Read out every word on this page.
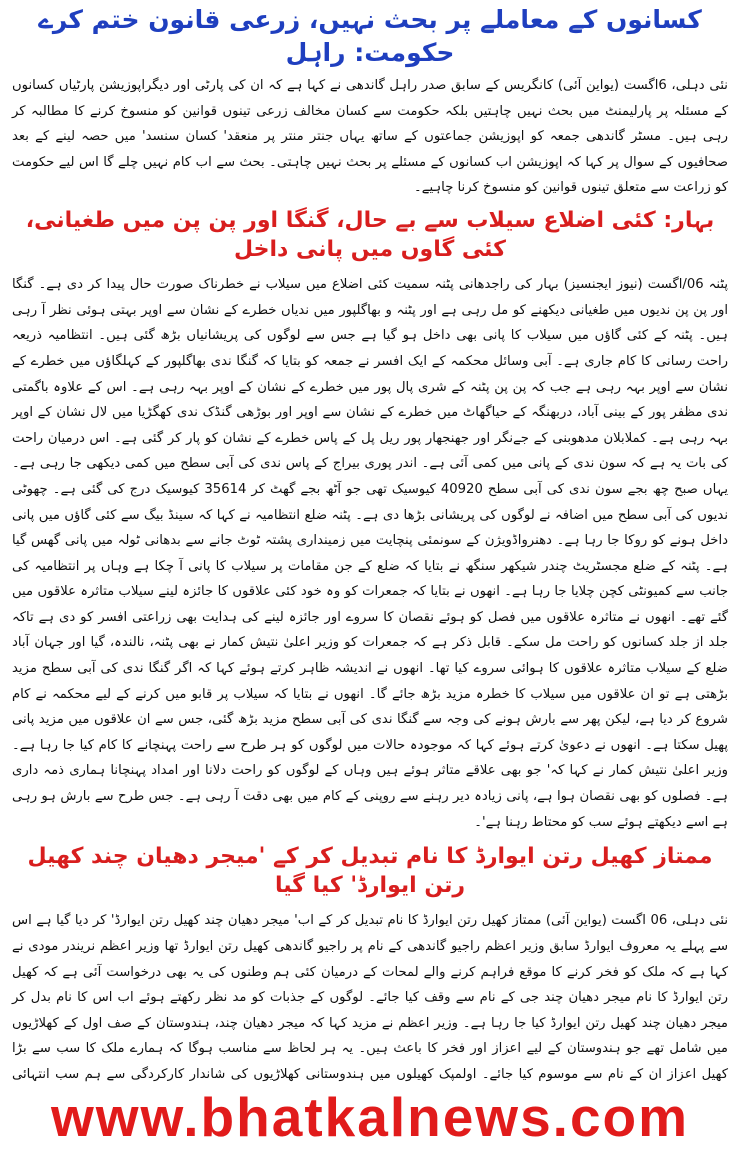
کسانوں کے معاملے پر بحث نہیں، زرعی قانون ختم کرے حکومت: راہل

نئی دہلی، 6اگست (یواین آئی) کانگریس کے سابق صدر راہل گاندھی نے کہا ہے کہ ان کی پارٹی اور دیگراپوزیشن پارٹیاں کسانوں کے مسئلہ پر پارلیمنٹ میں بحث نہیں چاہتیں بلکہ حکومت سے کسان مخالف زرعی تینوں قوانین کو منسوخ کرنے کا مطالبہ کر رہی ہیں۔ مسٹر گاندھی جمعہ کو اپوزیشن جماعتوں کے ساتھ یہاں جنتر منتر پر منعقد' کسان سنسد' میں حصہ لینے کے بعد صحافیوں کے سوال پر کہا کہ اپوزیشن اب کسانوں کے مسئلے پر بحث نہیں چاہتی۔ بحث سے اب کام نہیں چلے گا اس لیے حکومت کو زراعت سے متعلق تینوں قوانین کو منسوخ کرنا چاہیے۔

بہار: کئی اضلاع سیلاب سے بے حال، گنگا اور پن پن میں طغیانی، کئی گاوں میں پانی داخل

پٹنہ 06/اگست (نیوز ایجنسیز) بہار کی راجدھانی پٹنہ سمیت کئی اضلاع میں سیلاب نے خطرناک صورت حال پیدا کر دی ہے۔ گنگا اور پن پن ندیوں میں طغیانی دیکھنے کو مل رہی ہے اور پٹنہ و بھاگلپور میں ندیاں خطرے کے نشان سے اوپر بہتی ہوئی نظر آ رہی ہیں۔ پٹنہ کے کئی گاؤں میں سیلاب کا پانی بھی داخل ہو گیا ہے جس سے لوگوں کی پریشانیاں بڑھ گئی ہیں۔ انتظامیہ ذریعہ راحت رسانی کا کام جاری ہے۔ آبی وسائل محکمہ کے ایک افسر نے جمعہ کو بتایا کہ گنگا ندی بھاگلپور کے کہلگاؤں میں خطرے کے نشان سے اوپر بہہ رہی ہے جب کہ پن پن پٹنہ کے شری پال پور میں خطرے کے نشان کے اوپر بہہ رہی ہے۔ اس کے علاوہ باگمتی ندی مظفر پور کے بینی آباد، دربھنگہ کے حیاگھاٹ میں خطرے کے نشان سے اوپر اور بوڑھی گنڈک ندی کھگڑیا میں لال نشان کے اوپر بہہ رہی ہے۔ کملابلان مدھوبنی کے جےنگر اور جھنجھار پور ریل پل کے پاس خطرے کے نشان کو پار کر گئی ہے۔ اس درمیان راحت کی بات یہ ہے کہ سون ندی کے پانی میں کمی آئی ہے۔ اندر پوری بیراج کے پاس ندی کی آبی سطح میں کمی دیکھی جا رہی ہے۔ یہاں صبح چھ بجے سون ندی کی آبی سطح 40920 کیوسیک تھی جو آٹھ بجے گھٹ کر 35614 کیوسیک درج کی گئی ہے۔ چھوٹی ندیوں کی آبی سطح میں اضافہ نے لوگوں کی پریشانی بڑھا دی ہے۔ پٹنہ ضلع انتظامیہ نے کہا کہ سینڈ بیگ سے کئی گاؤں میں پانی داخل ہونے کو روکا جا رہا ہے۔ دھنرواڈویژن کے سونمئی پنچایت میں زمینداری پشتہ ٹوٹ جانے سے بدھانی ٹولہ میں پانی گھس گیا ہے۔ پٹنہ کے ضلع مجسٹریٹ چندر شیکھر سنگھ نے بتایا کہ ضلع کے جن مقامات پر سیلاب کا پانی آ چکا ہے وہاں پر انتظامیہ کی جانب سے کمیونٹی کچن چلایا جا رہا ہے۔ انھوں نے بتایا کہ جمعرات کو وہ خود کئی علاقوں کا جائزہ لینے سیلاب متاثرہ علاقوں میں گئے تھے۔ انھوں نے متاثرہ علاقوں میں فصل کو ہوئے نقصان کا سروے اور جائزہ لینے کی ہدایت بھی زراعتی افسر کو دی ہے تاکہ جلد از جلد کسانوں کو راحت مل سکے۔ قابل ذکر ہے کہ جمعرات کو وزیر اعلیٰ نتیش کمار نے بھی پٹنہ، نالندہ، گیا اور جہان آباد ضلع کے سیلاب متاثرہ علاقوں کا ہوائی سروے کیا تھا۔ انھوں نے اندیشہ ظاہر کرتے ہوئے کہا کہ اگر گنگا ندی کی آبی سطح مزید بڑھتی ہے تو ان علاقوں میں سیلاب کا خطرہ مزید بڑھ جائے گا۔ انھوں نے بتایا کہ سیلاب پر قابو میں کرنے کے لیے محکمہ نے کام شروع کر دیا ہے، لیکن پھر سے بارش ہونے کی وجہ سے گنگا ندی کی آبی سطح مزید بڑھ گئی، جس سے ان علاقوں میں مزید پانی پھیل سکتا ہے۔ انھوں نے دعویٰ کرتے ہوئے کہا کہ موجودہ حالات میں لوگوں کو ہر طرح سے راحت پہنچانے کا کام کیا جا رہا ہے۔ وزیر اعلیٰ نتیش کمار نے کہا کہ' جو بھی علاقے متاثر ہوئے ہیں وہاں کے لوگوں کو راحت دلانا اور امداد پہنچانا ہماری ذمہ داری ہے۔ فصلوں کو بھی نقصان ہوا ہے، پانی زیادہ دیر رہنے سے روپنی کے کام میں بھی دقت آ رہی ہے۔ جس طرح سے بارش ہو رہی ہے اسے دیکھتے ہوئے سب کو محتاط رہنا ہے'۔

ممتاز کھیل رتن ایوارڈ کا نام تبدیل کر کے 'میجر دھیان چند کھیل رتن ایوارڈ' کیا گیا

نئی دہلی، 06 اگست (یواین آئی) ممتاز کھیل رتن ایوارڈ کا نام تبدیل کر کے اب' میجر دھیان چند کھیل رتن ایوارڈ' کر دیا گیا ہے اس سے پہلے یہ معروف ایوارڈ سابق وزیر اعظم راجیو گاندھی کے نام پر راجیو گاندھی کھیل رتن ایوارڈ تھا وزیر اعظم نریندر مودی نے کہا ہے کہ ملک کو فخر کرنے کا موقع فراہم کرنے والے لمحات کے درمیان کئی ہم وطنوں کی یہ بھی درخواست آئی ہے کہ کھیل رتن ایوارڈ کا نام میجر دھیان چند جی کے نام سے وقف کیا جائے۔ لوگوں کے جذبات کو مد نظر رکھتے ہوئے اب اس کا نام بدل کر میجر دھیان چند کھیل رتن ایوارڈ کیا جا رہا ہے۔ وزیر اعظم نے مزید کہا کہ میجر دھیان چند، ہندوستان کے صف اول کے کھلاڑیوں میں شامل تھے جو ہندوستان کے لیے اعزاز اور فخر کا باعث ہیں۔ یہ ہر لحاظ سے مناسب ہوگا کہ ہمارے ملک کا سب سے بڑا کھیل اعزاز ان کے نام سے موسوم کیا جائے۔ اولمپک کھیلوں میں ہندوستانی کھلاڑیوں کی شاندار کارکردگی سے ہم سب انتہائی

www.bhatkalnews.com
